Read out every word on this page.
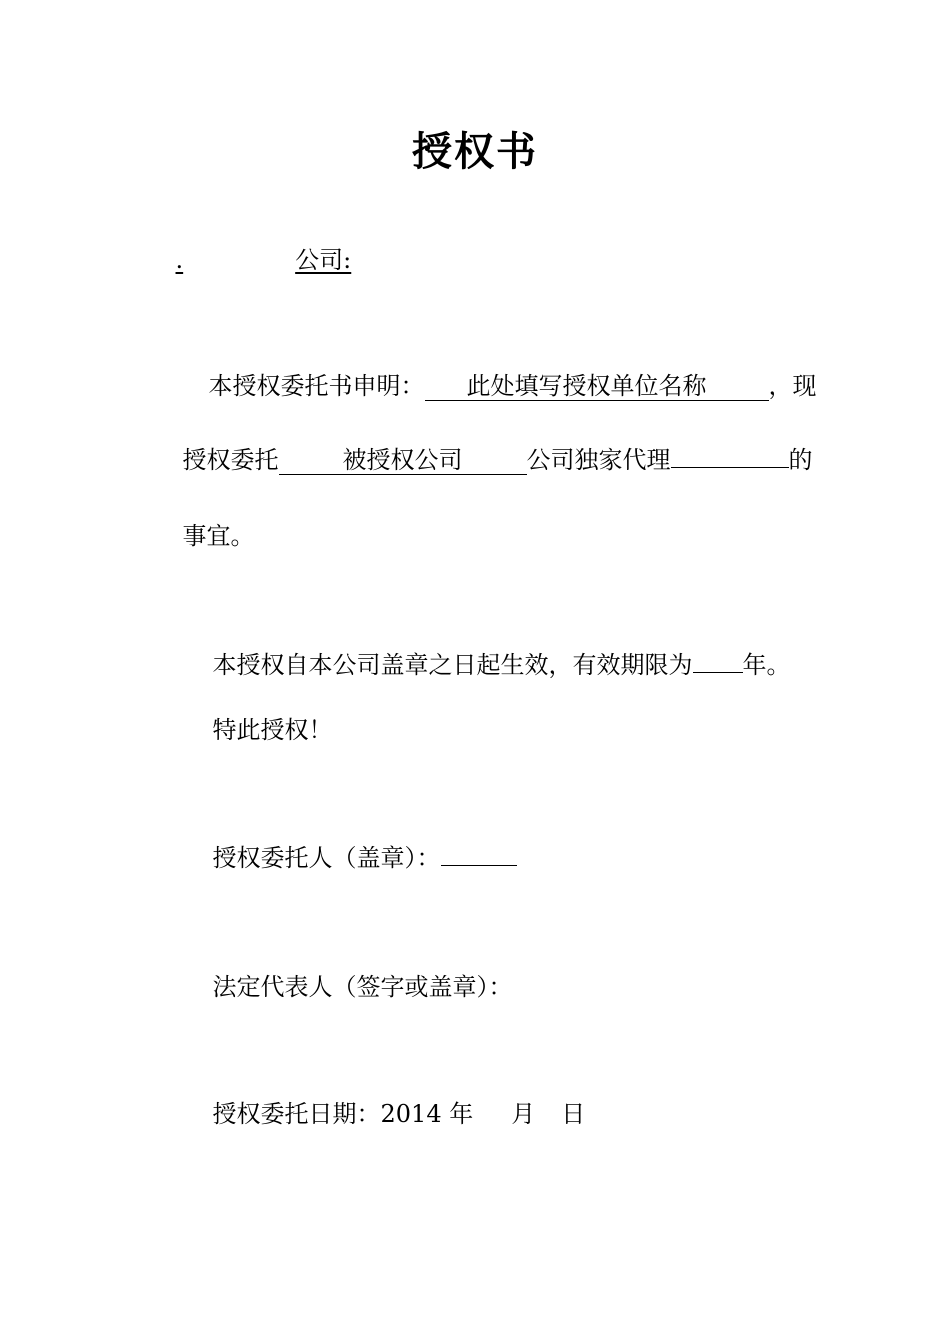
授权书

.	公司:

本授权委托书申明： 此处填写授权单位名称	，现

授权委托	被授权公司	公司独家代理	的

事宜。

本授权自本公司盖章之日起生效，有效期限为 年。

特此授权！

授权委托人（盖章）：

法定代表人（签字或盖章）：

授权委托日期：2014 年 月 日
